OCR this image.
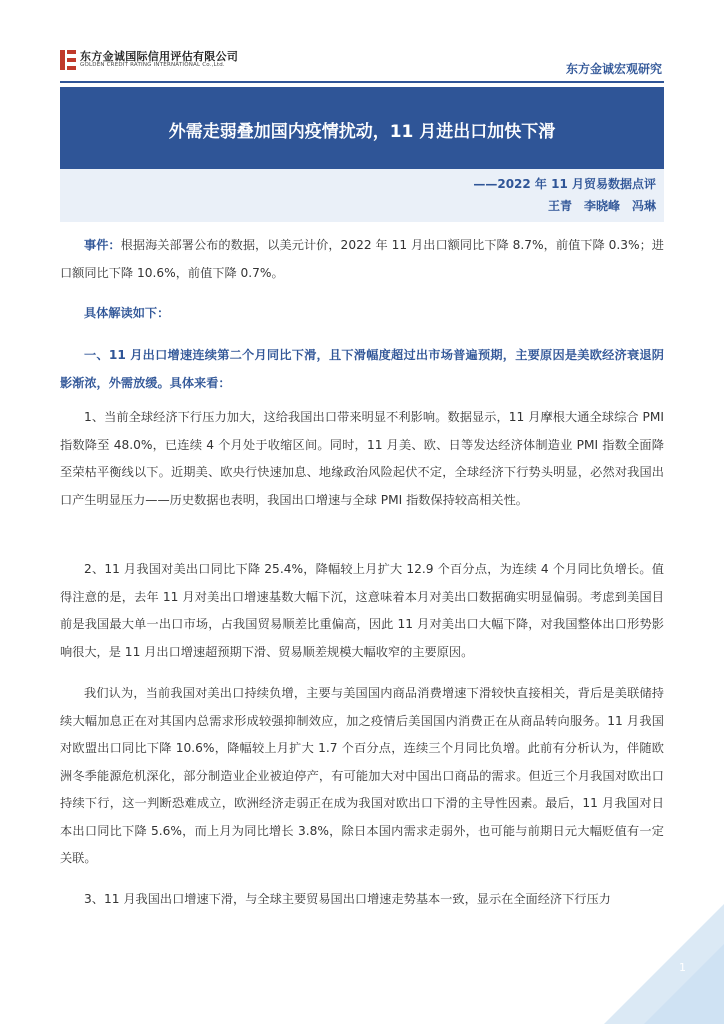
东方金诚国际信用评估有限公司
GOLDEN CREDIT RATING INTERNATIONAL Co.,Ltd.	东方金诚宏观研究
外需走弱叠加国内疫情扰动，11 月进出口加快下滑
——2022 年 11 月贸易数据点评
王青　李晓峰　冯琳
事件：根据海关部署公布的数据，以美元计价，2022 年 11 月出口额同比下降 8.7%，前值下降 0.3%；进口额同比下降 10.6%，前值下降 0.7%。
具体解读如下：
一、11 月出口增速连续第二个月同比下滑，且下滑幅度超过出市场普遍预期，主要原因是美欧经济衰退阴影渐浓，外需放缓。具体来看：
1、当前全球经济下行压力加大，这给我国出口带来明显不利影响。数据显示，11 月摩根大通全球综合 PMI 指数降至 48.0%，已连续 4 个月处于收缩区间。同时，11 月美、欧、日等发达经济体制造业 PMI 指数全面降至荣枯平衡线以下。近期美、欧央行快速加息、地缘政治风险起伏不定，全球经济下行势头明显，必然对我国出口产生明显压力——历史数据也表明，我国出口增速与全球 PMI 指数保持较高相关性。
2、11 月我国对美出口同比下降 25.4%，降幅较上月扩大 12.9 个百分点，为连续 4 个月同比负增长。值得注意的是，去年 11 月对美出口增速基数大幅下沉，这意味着本月对美出口数据确实明显偏弱。考虑到美国目前是我国最大单一出口市场，占我国贸易顺差比重偏高，因此 11 月对美出口大幅下降，对我国整体出口形势影响很大，是 11 月出口增速超预期下滑、贸易顺差规模大幅收窄的主要原因。
我们认为，当前我国对美出口持续负增，主要与美国国内商品消费增速下滑较快直接相关，背后是美联储持续大幅加息正在对其国内总需求形成较强抑制效应，加之疫情后美国国内消费正在从商品转向服务。11 月我国对欧盟出口同比下降 10.6%，降幅较上月扩大 1.7 个百分点，连续三个月同比负增。此前有分析认为，伴随欧洲冬季能源危机深化，部分制造业企业被迫停产，有可能加大对中国出口商品的需求。但近三个月我国对欧出口持续下行，这一判断恐难成立，欧洲经济走弱正在成为我国对欧出口下滑的主导性因素。最后，11 月我国对日本出口同比下降 5.6%，而上月为同比增长 3.8%，除日本国内需求走弱外，也可能与前期日元大幅贬值有一定关联。
3、11 月我国出口增速下滑，与全球主要贸易国出口增速走势基本一致，显示在全面经济下行压力
1
